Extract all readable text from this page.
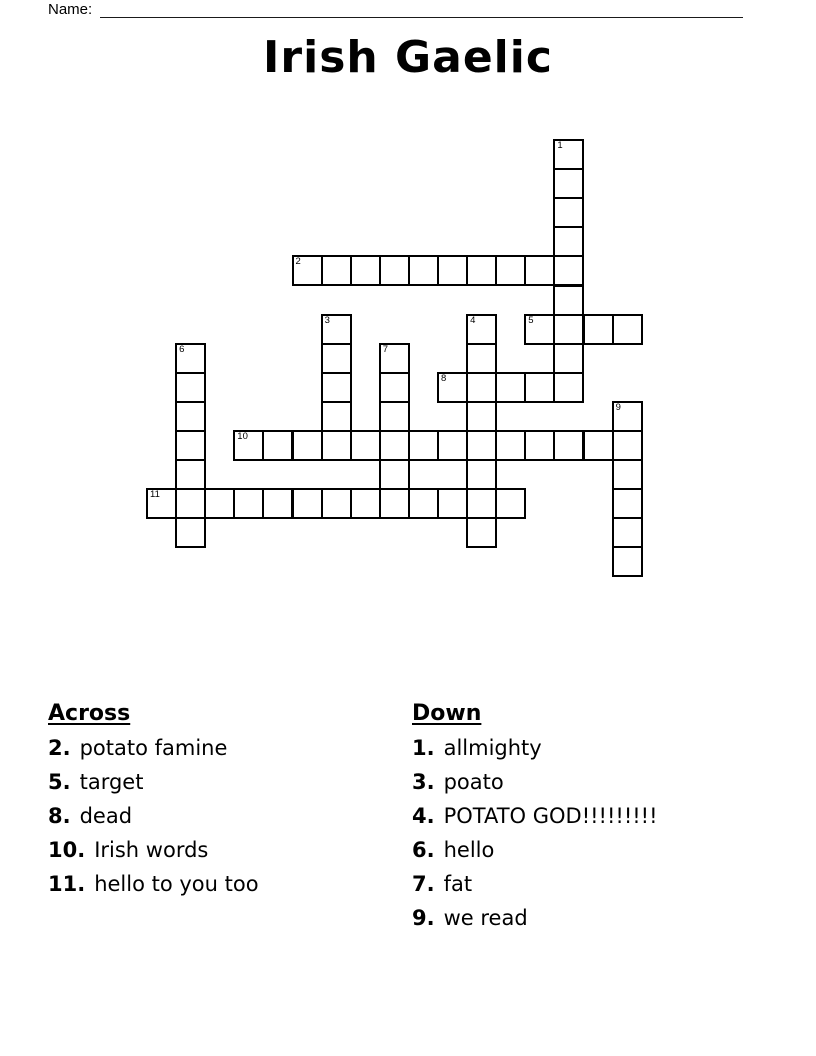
Name:
Irish Gaelic
1
2
3	4	5
6	7
8
9
10
11
Across
2. potato famine
5. target
8. dead
10. Irish words
11. hello to you too
Down
1. allmighty
3. poato
4. POTATO GOD!!!!!!!!!
6. hello
7. fat
9. we read
